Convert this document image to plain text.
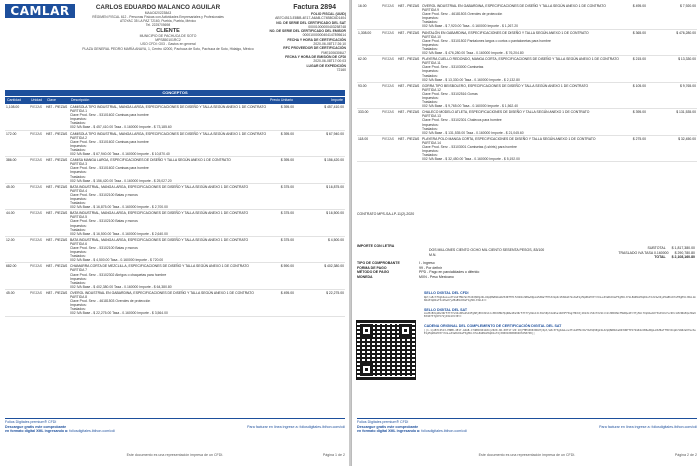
CAMLAR	CARLOS EDUARDO MALANCO AGUILAR
MAAC6202238A3
RÉGIMEN FISCAL 612 - Personas Físicas con Actividades Empresariales y Profesionales
ATOYAC 35 LA PAZ 72160, Puebla, Puebla, México
Tel. 2225705698
Factura 2894
FOLIO FISCAL (UUID)
AB7C4513-E8BB-4E17-A6AB-C74B8C6D1404
NO. DE SERIE DEL CERTIFICADO DEL SAT
00001000000403258748
NO. DE SERIE DEL CERTIFICADO DEL EMISOR
00001000000404147895614
FECHA Y HORA DE CERTIFICACIÓN
2020-06-08T17:26:10
RFC PROVEEDOR DE CERTIFICACIÓN
FME1006306U7
FECHA Y HORA DE EMISIÓN DE CFDI
2020-06-08T17:00:03
LUGAR DE EXPEDICIÓN
72160
CLIENTE
MUNICIPIO DE PACHUCA DE SOTO
MPS850101RC2
USO CFDI: G03 - Gastos en general
PLAZA GENERAL PEDRO MARÍA ANAYA, 1, Centro 42000, Pachuca de Soto, Pachuca de Soto, Hidalgo, México
CONCEPTOS
Cantidad	Unidad	Clave	Descripción	Precio Unitario	Importe
1,108.00	PIEZAS	H87 - PIEZAS CAMISOLA TIPO INDUSTRIAL, MANGA LARGA, ESPECIFICACIONES DE DISEÑO Y TALLA SEGÚN ANEXO 1 DE CONTRATO
PARTIDA 1
Clave Prod. Serv. - 53101602 Camisas para hombre
Impuestos:
Traslados:
002 IVA Base - $ 457,410.00 Tasa - 0.160000 Importe - $ 73,185.60
$ 395.00	$ 457,410.00
172.00	PIEZAS	H87 - PIEZAS CAMISOLA TIPO INDUSTRIAL, MANGA LARGA, ESPECIFICACIONES DE DISEÑO Y TALLA SEGÚN ANEXO 1 DE CONTRATO
PARTIDA 2
Clave Prod. Serv. - 53101602 Camisas para hombre
Impuestos:
Traslados:
002 IVA Base - $ 67,940.00 Tasa - 0.160000 Importe - $ 10,870.40
$ 395.00	$ 67,940.00
386.00	PIEZAS	H87 - PIEZAS CAMISA MANGA LARGA, ESPECIFICACIONES DE DISEÑO Y TALLA SEGÚN ANEXO 1 DE CONTRATO
PARTIDA 3
Clave Prod. Serv. - 53101602 Camisas para hombre
Impuestos:
Traslados:
002 IVA Base - $ 156,420.00 Tasa - 0.160000 Importe - $ 25,027.20
$ 395.00	$ 156,420.00
45.00	PIEZAS	H87 - PIEZAS BATA INDUSTRIAL, MANGA LARGA, ESPECIFICACIONES DE DISEÑO Y TALLA SEGÚN ANEXO 1 DE CONTRATO
PARTIDA 4
Clave Prod. Serv. - 53102100 Batas y monos
Impuestos:
Traslados:
002 IVA Base - $ 16,875.00 Tasa - 0.160000 Importe - $ 2,700.00
$ 375.00	$ 16,875.00
44.00	PIEZAS	H87 - PIEZAS BATA INDUSTRIAL, MANGA LARGA, ESPECIFICACIONES DE DISEÑO Y TALLA SEGÚN ANEXO 1 DE CONTRATO
PARTIDA 5
Clave Prod. Serv. - 53102100 Batas y monos
Impuestos:
Traslados:
002 IVA Base - $ 16,500.00 Tasa - 0.160000 Importe - $ 2,640.00
$ 375.00	$ 16,500.00
12.00	PIEZAS	H87 - PIEZAS BATA INDUSTRIAL, MANGA LARGA, ESPECIFICACIONES DE DISEÑO Y TALLA SEGÚN ANEXO 1 DE CONTRATO
PARTIDA 6
Clave Prod. Serv. - 53102100 Batas y monos
Impuestos:
Traslados:
002 IVA Base - $ 4,500.00 Tasa - 0.160000 Importe - $ 720.00
$ 375.00	$ 4,500.00
682.00	PIEZAS	H87 - PIEZAS CHAMARRA CORTA DE MEZCLILLA, ESPECIFICACIONES DE DISEÑO Y TALLA SEGÚN ANEXO 1 DE CONTRATO
PARTIDA 7
Clave Prod. Serv. - 53102302 Abrigos o chaquetas para hombre
Impuestos:
Traslados:
002 IVA Base - $ 402,380.00 Tasa - 0.160000 Importe - $ 64,380.80
$ 590.00	$ 402,380.00
45.00	PIEZAS	H87 - PIEZAS OVEROL INDUSTRIAL EN GABARDINA, ESPECIFICACIONES DE DISEÑO Y TALLA SEGÚN ANEXO 1 DE CONTRATO
PARTIDA 8
Clave Prod. Serv. - 46181503 Overoles de protección
Impuestos:
Traslados:
002 IVA Base - $ 22,275.00 Tasa - 0.160000 Importe - $ 3,564.00
$ 495.00	$ 22,275.00
Folios Digitales premium® CFDI
Descargue gratis este comprobante
en formato digital XML ingresando a: foliosdigitales.ibihon.com/cdi
Para facturar en línea ingrese a: foliosdigitales.ibihon.com/cdi
Este documento es una representación impresa de un CFDI.	Página 1 de 2
16.00	PIEZAS	H87 - PIEZAS OVEROL INDUSTRIAL EN GABARDINA, ESPECIFICACIONES DE DISEÑO Y TALLA SEGÚN ANEXO 1 DE CONTRATO
PARTIDA 9
Clave Prod. Serv. - 46181503 Overoles de protección
Impuestos:
Traslados:
002 IVA Base - $ 7,920.00 Tasa - 0.160000 Importe - $ 1,267.20
$ 495.00	$ 7,920.00
1,308.00	PIEZAS	H87 - PIEZAS PANTALÓN EN GABARDINA, ESPECIFICACIONES DE DISEÑO Y TALLA SEGÚN ANEXO 1 DE CONTRATO
PARTIDA 10
Clave Prod. Serv. - 53101502 Pantalones largos o cortos o pantalonetas para hombre
Impuestos:
Traslados:
002 IVA Base - $ 476,280.00 Tasa - 0.160000 Importe - $ 76,204.80
$ 365.00	$ 476,280.00
62.00	PIEZAS	H87 - PIEZAS PLAYERA CUELLO REDONDO, MANGA CORTA, ESPECIFICACIONES DE DISEÑO Y TALLA SEGÚN ANEXO 1 DE CONTRATO
PARTIDA 11
Clave Prod. Serv. - 53103000 Camisetas
Impuestos:
Traslados:
002 IVA Base - $ 13,330.00 Tasa - 0.160000 Importe - $ 2,132.80
$ 215.00	$ 13,330.00
93.00	PIEZAS	H87 - PIEZAS GORRA TIPO BEISBOLERO, ESPECIFICACIONES DE DISEÑO Y TALLA SEGÚN ANEXO 1 DE CONTRATO
PARTIDA 12
Clave Prod. Serv. - 53102516 Gorras
Impuestos:
Traslados:
002 IVA Base - $ 9,765.00 Tasa - 0.160000 Importe - $ 1,562.40
$ 105.00	$ 9,765.00
333.00	PIEZAS	H87 - PIEZAS CHALECO MODELO ATLETA, ESPECIFICACIONES DE DISEÑO Y TALLA SEGÚN ANEXO 1 DE CONTRATO
PARTIDA 13
Clave Prod. Serv. - 53102301 Chalecos para hombre
Impuestos:
Traslados:
002 IVA Base - $ 131,535.00 Tasa - 0.160000 Importe - $ 21,045.60
$ 395.00	$ 131,535.00
118.00	PIEZAS	H87 - PIEZAS PLAYERA POLO MANGA CORTA, ESPECIFICACIONES DE DISEÑO Y TALLA SEGÚN ANEXO 1 DE CONTRATO
PARTIDA 14
Clave Prod. Serv. - 53103001 Camisetas (t-shirts) para hombre
Impuestos:
Traslados:
002 IVA Base - $ 32,450.00 Tasa - 0.160000 Importe - $ 5,192.00
$ 275.00	$ 32,450.00
CONTRATO MPS-SA-LP-11(2)-2020
IMPORTE CON LETRA
DOS MILLONES CIENTO OCHO MIL CIENTO SESENTA PESOS, 83/100 M.N.
SUBTOTAL	$ 1,817,380.00
TRASLADO IVA TASA 0.160000	$ 290,780.80
TOTAL	$ 2,108,160.80
TIPO DE COMPROBANTE	I - Ingreso
FORMA DE PAGO	99 - Por definir
MÉTODO DE PAGO	PPD - Pago en parcialidades o diferido
MONEDA	MXN - Peso Mexicano
SELLO DIGITAL DEL CFDI
Rpt/a8c3fXgb4eLsvdTxG4TMmrWvYbdhQ9Pg24Ld2pQ8W0kbsRZ3dNfTP1f2mK4xhB6w0QpLm5ZRaTfHh3JkpDcVbN2sK7GvXwE1yMqU8oP9tYr6nLsZ3aBcD4eF5gH6iJ7kL8mN9oP0qR1sT2uV3wX4yZ5aB6cD7eF8gH9iJ0kL1mN2oP3qR4sT5uV6wX7yZ8aB9cD0eF1gH2iJ3kL4==
SELLO DIGITAL DEL SAT
Lk2Pz8Xq1Wv3Nr5Tt7Yu9Io0Pa2Sd4Fg6Hj8Kl0Zx1Cv3Bn5Mm7Qq9Ww1Ee3Rr5Tt7Yy9Uu1Ii3Oo5Pp7Aa9Ss1Dd3Ff5Gg7Hh9Jj1Kk3Ll5Zz7Xx9Cc1Vv3Bb5Nn7Mm9Qw1Er3Ty5Ui7Op9As1Df3Gh5Jk7Lz9Xc1Vb3Nm5Qa7Ws9Ed1Rf3Tg5Yh7Uj9Ik1Ol3P==
CADENA ORIGINAL DEL COMPLEMENTO DE CERTIFICACIÓN DIGITAL DEL SAT
||1.1|AB7C4513-E8BB-4E17-A6AB-C74B8C6D1404|2020-06-08T17:26:10|FME1006306U7|Rpt/a8c3fXgb4eLsvdTxG4TMmrWvYbdhQ9Pg24Ld2pQ8W0kbsRZ3dNfTP1f2mK4xhB6w0QpLm5ZRaTfHh3JkpDcVbN2sK7GvXwE1yMqU8oP9tYr6nLsZ3aBcD4eF5gH6iJ7kL8mN9oP0qR1sT2|00001000000403258748||
Folios Digitales premium® CFDI
Descargue gratis este comprobante
en formato digital XML ingresando a: foliosdigitales.ibihon.com/cdi
Para facturar en línea ingrese a: foliosdigitales.ibihon.com/cdi
Este documento es una representación impresa de un CFDI.	Página 2 de 2
